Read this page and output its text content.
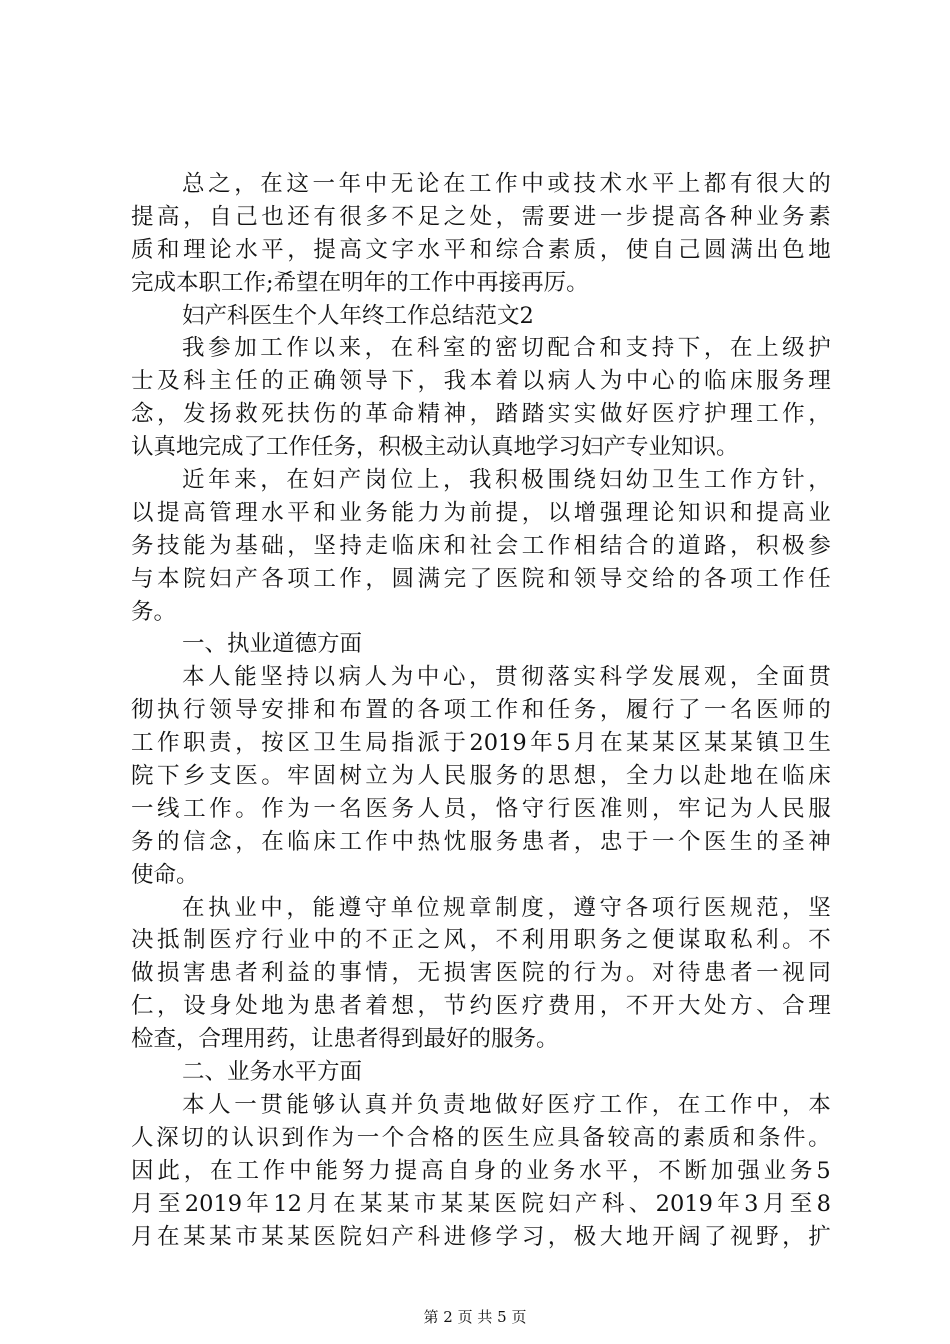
总 之 ， 在 这 一 年 中 无 论 在 工 作 中 或 技 术 水 平 上 都 有 很 大 的
提 高 ， 自 己 也 还 有 很 多 不 足 之 处 ， 需 要 进 一 步 提 高 各 种 业 务 素
质 和 理 论 水 平 ， 提 高 文 字 水 平 和 综 合 素 质 ， 使 自 己 圆 满 出 色 地
完成本职工作;希望在明年的工作中再接再厉。
妇产科医生个人年终工作总结范文2
我 参 加 工 作 以 来 ， 在 科 室 的 密 切 配 合 和 支 持 下 ， 在 上 级 护
士 及 科 主 任 的 正 确 领 导 下 ， 我 本 着 以 病 人 为 中 心 的 临 床 服 务 理
念 ， 发 扬 救 死 扶 伤 的 革 命 精 神 ， 踏 踏 实 实 做 好 医 疗 护 理 工 作 ，
认真地完成了工作任务，积极主动认真地学习妇产专业知识。
近 年 来 ， 在 妇 产 岗 位 上 ， 我 积 极 围 绕 妇 幼 卫 生 工 作 方 针 ，
以 提 高 管 理 水 平 和 业 务 能 力 为 前 提 ， 以 增 强 理 论 知 识 和 提 高 业
务 技 能 为 基 础 ， 坚 持 走 临 床 和 社 会 工 作 相 结 合 的 道 路 ， 积 极 参
与 本 院 妇 产 各 项 工 作 ， 圆 满 完 了 医 院 和 领 导 交 给 的 各 项 工 作 任
务。
一、执业道德方面
本 人 能 坚 持 以 病 人 为 中 心 ， 贯 彻 落 实 科 学 发 展 观 ， 全 面 贯
彻 执 行 领 导 安 排 和 布 置 的 各 项 工 作 和 任 务 ， 履 行 了 一 名 医 师 的
工 作 职 责 ， 按 区 卫 生 局 指 派 于 2019 年 5 月 在 某 某 区 某 某 镇 卫 生
院 下 乡 支 医 。 牢 固 树 立 为 人 民 服 务 的 思 想 ， 全 力 以 赴 地 在 临 床
一 线 工 作 。 作 为 一 名 医 务 人 员 ， 恪 守 行 医 准 则 ， 牢 记 为 人 民 服
务 的 信 念 ， 在 临 床 工 作 中 热 忱 服 务 患 者 ， 忠 于 一 个 医 生 的 圣 神
使命。
在 执 业 中 ， 能 遵 守 单 位 规 章 制 度 ， 遵 守 各 项 行 医 规 范 ， 坚
决 抵 制 医 疗 行 业 中 的 不 正 之 风 ， 不 利 用 职 务 之 便 谋 取 私 利 。 不
做 损 害 患 者 利 益 的 事 情 ， 无 损 害 医 院 的 行 为 。 对 待 患 者 一 视 同
仁 ， 设 身 处 地 为 患 者 着 想 ， 节 约 医 疗 费 用 ， 不 开 大 处 方 、 合 理
检查，合理用药，让患者得到最好的服务。
二、业务水平方面
本 人 一 贯 能 够 认 真 并 负 责 地 做 好 医 疗 工 作 ， 在 工 作 中 ， 本
人 深 切 的 认 识 到 作 为 一 个 合 格 的 医 生 应 具 备 较 高 的 素 质 和 条 件 。
因 此 ， 在 工 作 中 能 努 力 提 高 自 身 的 业 务 水 平 ， 不 断 加 强 业 务 5
月 至 2019 年 12 月 在 某 某 市 某 某 医 院 妇 产 科 、 2019 年 3 月 至 8
月 在 某 某 市 某 某 医 院 妇 产 科 进 修 学 习 ， 极 大 地 开 阔 了 视 野 ， 扩
第 2 页 共 5 页
